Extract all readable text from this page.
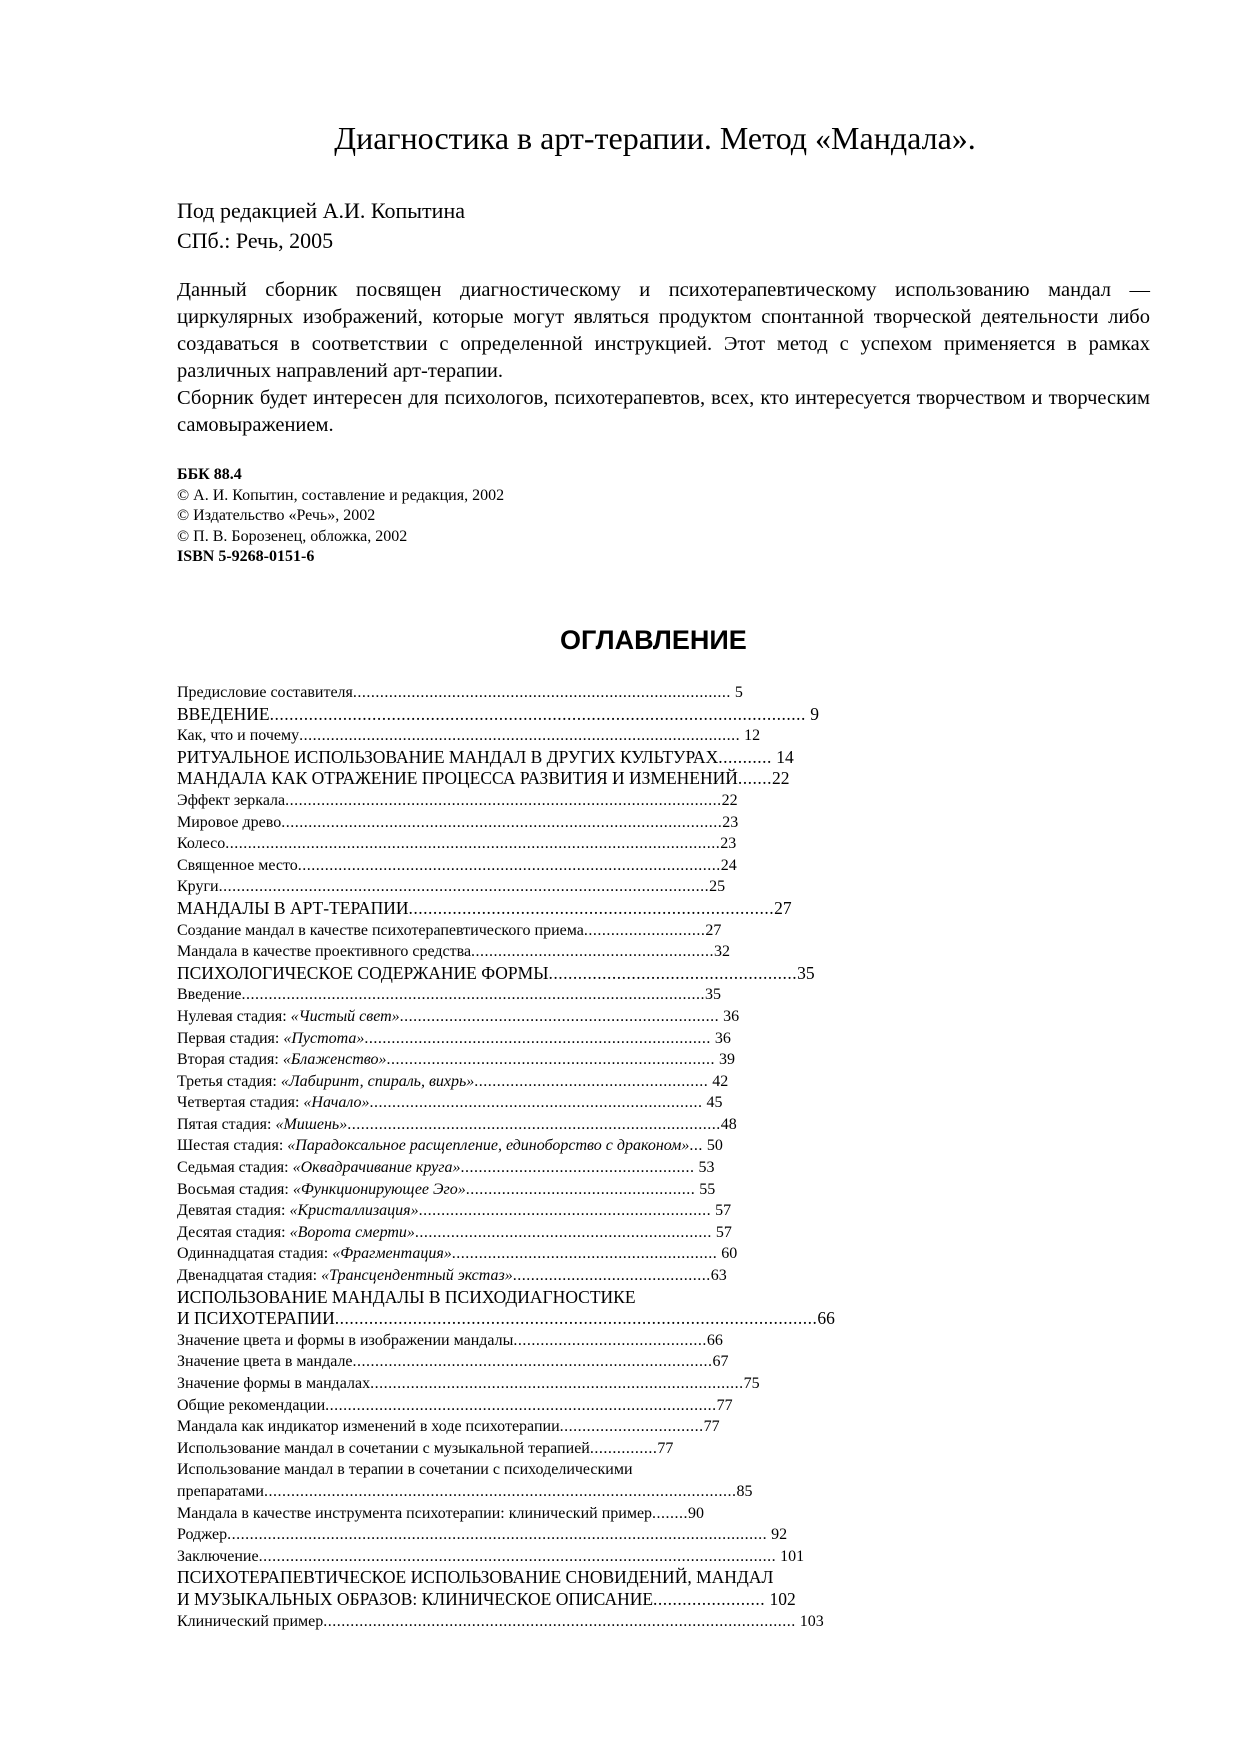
Диагностика в арт-терапии. Метод «Мандала».
Под редакцией А.И. Копытина
СПб.: Речь, 2005

Данный сборник посвящен диагностическому и психотерапевтическому использованию мандал — циркулярных изображений, которые могут являться продуктом спонтанной творческой деятельности либо создаваться в соответствии с определенной инструкцией. Этот метод с успехом применяется в рамках различных направлений арт-терапии.

Сборник будет интересен для психологов, психотерапевтов, всех, кто интересуется творчеством и творческим самовыражением.

ББК 88.4
© А. И. Копытин, составление и редакция, 2002
© Издательство «Речь», 2002
© П. В. Борозенец, обложка, 2002
ISBN 5-9268-0151-6
ОГЛАВЛЕНИЕ
Предисловие составителя.................................................................................... 5
ВВЕДЕНИЕ.............................................................................................................. 9
Как, что и почему.................................................................................................. 12
РИТУАЛЬНОЕ ИСПОЛЬЗОВАНИЕ МАНДАЛ В ДРУГИХ КУЛЬТУРАХ........... 14
МАНДАЛА КАК ОТРАЖЕНИЕ ПРОЦЕССА РАЗВИТИЯ И ИЗМЕНЕНИЙ.......22
Эффект зеркала.................................................................................................22
Мировое древо..................................................................................................23
Колесо..............................................................................................................23
Священное место..............................................................................................24
Круги.............................................................................................................25
МАНДАЛЫ В АРТ-ТЕРАПИИ...........................................................................27
Создание мандал в качестве психотерапевтического приема...........................27
Мандала в качестве проективного средства......................................................32
ПСИХОЛОГИЧЕСКОЕ СОДЕРЖАНИЕ ФОРМЫ...................................................35
Введение.......................................................................................................35
Нулевая стадия: «Чистый свет»....................................................................... 36
Первая стадия: «Пустота»............................................................................. 36
Вторая стадия: «Блаженство»......................................................................... 39
Третья стадия: «Лабиринт, спираль, вихрь».................................................... 42
Четвертая стадия: «Начало».......................................................................... 45
Пятая стадия: «Мишень»...................................................................................48
Шестая стадия: «Парадоксальное расщепление, единоборство с драконом»... 50
Седьмая стадия: «Оквадрачивание круга».................................................... 53
Восьмая стадия: «Функционирующее Эго»................................................... 55
Девятая стадия: «Кристаллизация»................................................................. 57
Десятая стадия: «Ворота смерти».................................................................. 57
Одиннадцатая стадия: «Фрагментация»........................................................... 60
Двенадцатая стадия: «Трансцендентный экстаз»............................................63
ИСПОЛЬЗОВАНИЕ МАНДАЛЫ В ПСИХОДИАГНОСТИКЕ
И ПСИХОТЕРАПИИ...................................................................................................66
Значение цвета и формы в изображении мандалы...........................................66
Значение цвета в мандале................................................................................67
Значение формы в мандалах...................................................................................75
Общие рекомендации.......................................................................................77
Мандала как индикатор изменений в ходе психотерапии................................77
Использование мандал в сочетании с музыкальной терапией...............77
Использование мандал в терапии в сочетании с психоделическими
препаратами.........................................................................................................85
Мандала в качестве инструмента психотерапии: клинический пример........90
Роджер........................................................................................................................ 92
Заключение................................................................................................................... 101
ПСИХОТЕРАПЕВТИЧЕСКОЕ ИСПОЛЬЗОВАНИЕ СНОВИДЕНИЙ, МАНДАЛ
И МУЗЫКАЛЬНЫХ ОБРАЗОВ: КЛИНИЧЕСКОЕ ОПИСАНИЕ....................... 102
Клинический пример......................................................................................................... 103
